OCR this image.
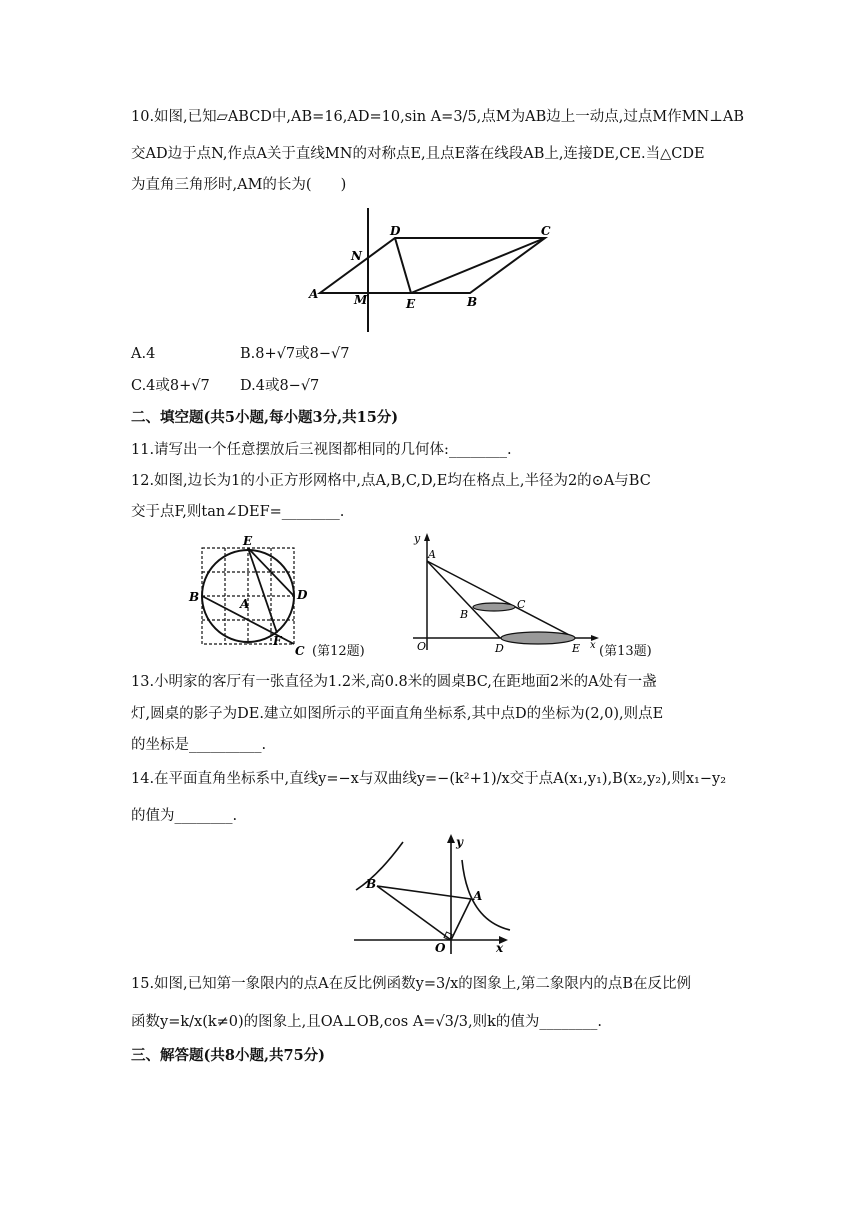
10.如图,已知▱ABCD中,AB=16,AD=10,sin A=3/5,点M为AB边上一动点,过点M作MN⊥AB
交AD边于点N,作点A关于直线MN的对称点E,且点E落在线段AB上,连接DE,CE.当△CDE
为直角三角形时,AM的长为(　　)
A	M	E	B
N
D	C
A.4	B.8+√7或8−√7
C.4或8+√7 D.4或8−√7
二、填空题(共5小题,每小题3分,共15分)
11.请写出一个任意摆放后三视图都相同的几何体:________.
12.如图,边长为1的小正方形网格中,点A,B,C,D,E均在格点上,半径为2的⊙A与BC
交于点F,则tan∠DEF=________.
E
B	A
D
F
C (第12题)
y
A
B
C
O	D	E x (第13题)
13.小明家的客厅有一张直径为1.2米,高0.8米的圆桌BC,在距地面2米的A处有一盏
灯,圆桌的影子为DE.建立如图所示的平面直角坐标系,其中点D的坐标为(2,0),则点E
的坐标是__________.
14.在平面直角坐标系中,直线y=−x与双曲线y=−(k²+1)/x交于点A(x₁,y₁),B(x₂,y₂),则x₁−y₂
的值为________.
y
B
A
O	x
15.如图,已知第一象限内的点A在反比例函数y=3/x的图象上,第二象限内的点B在反比例
函数y=k/x(k≠0)的图象上,且OA⊥OB,cos A=√3/3,则k的值为________.
三、解答题(共8小题,共75分)
